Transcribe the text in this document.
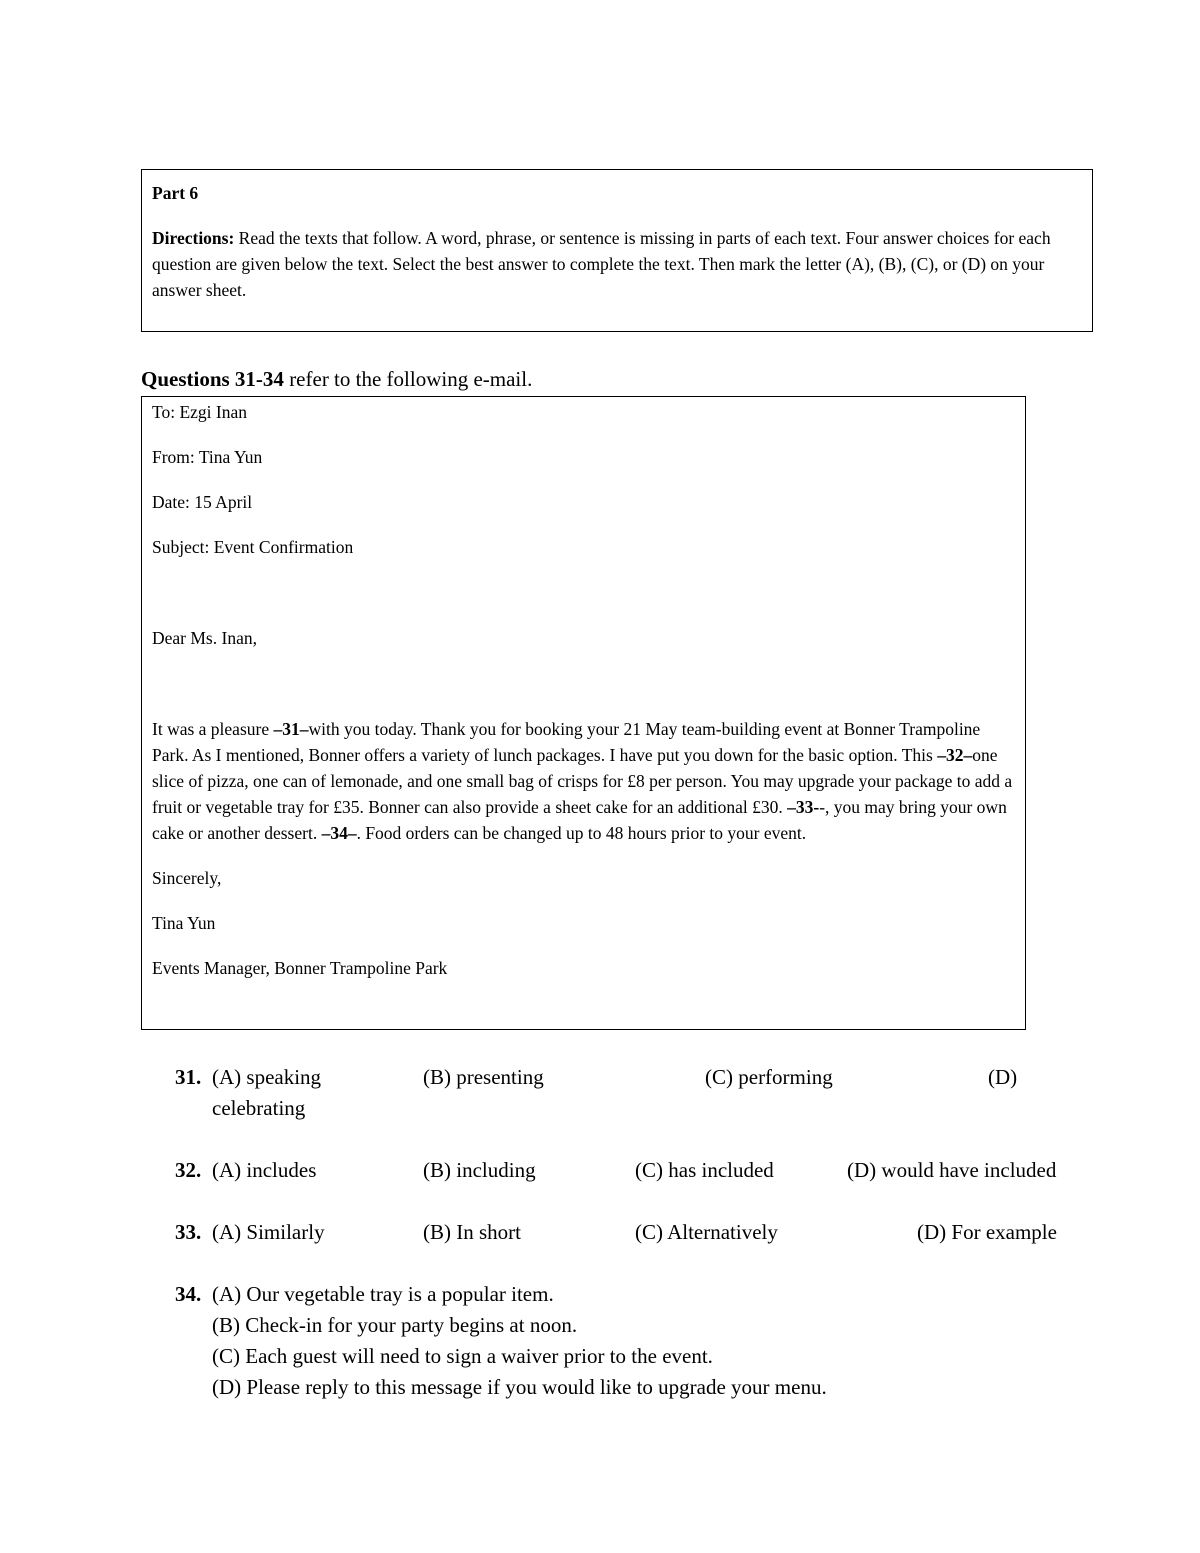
Part 6

Directions: Read the texts that follow. A word, phrase, or sentence is missing in parts of each text. Four answer choices for each question are given below the text. Select the best answer to complete the text. Then mark the letter (A), (B), (C), or (D) on your answer sheet.

Questions 31-34 refer to the following e-mail.

To: Ezgi Inan

From: Tina Yun

Date: 15 April

Subject: Event Confirmation

Dear Ms. Inan,

It was a pleasure –31–with you today. Thank you for booking your 21 May team-building event at Bonner Trampoline Park. As I mentioned, Bonner offers a variety of lunch packages. I have put you down for the basic option. This –32–one slice of pizza, one can of lemonade, and one small bag of crisps for £8 per person. You may upgrade your package to add a fruit or vegetable tray for £35. Bonner can also provide a sheet cake for an additional £30. –33--, you may bring your own cake or another dessert. –34–. Food orders can be changed up to 48 hours prior to your event.

Sincerely,

Tina Yun

Events Manager, Bonner Trampoline Park

31. (A) speaking	(B) presenting	(C) performing	(D)
celebrating
32. (A) includes	(B) including	(C) has included	(D) would have included
33. (A) Similarly	(B) In short	(C) Alternatively	(D) For example
34. (A) Our vegetable tray is a popular item.
(B) Check-in for your party begins at noon.
(C) Each guest will need to sign a waiver prior to the event.
(D) Please reply to this message if you would like to upgrade your menu.
